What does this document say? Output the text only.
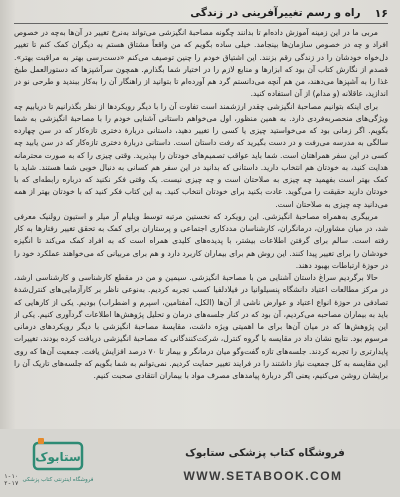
۱۶
راه و رسم تغییرآفرینی در زندگی

مربی ما در این زمینه آموزش داده‌ام تا بدانند چگونه مصاحبهٔ انگیزشی می‌تواند به‌نرخ تغییر در آن‌ها به‌چه در خصوص افراد و چه در خصوص سازمان‌ها بینجامد. خیلی ساده بگویم که من واقعاً مشتاق هستم به دیگران کمک کنم تا تغییر دل‌خواه خودشان را در زندگی رقم بزنند. این اشتیاق خودم را چنین توصیف می‌کنم «دست‌رسی بهتر به مراقبت بهتر». قصدم از نگارش کتاب آن بود که ابزارها و منابع لازم را در اختیار شما بگذارم. همچون سرآشپزها که دستورالعمل طبخ غذا را به آشپزها می‌دهند، من هم آنچه می‌دانستم گرد هم آورده‌ام تا بتوانید از راهنگار آن را به‌کار ببندید و طرحی نو در اندازید، عاقلانه (و مدام) از آن استفاده کنید.

برای اینکه بتوانیم مصاحبهٔ انگیزشی چقدر ارزشمند است تفاوت آن را با دیگر رویکردها از نظر بگذرانیم تا دریابیم چه ویژگی‌های منحصربه‌فردی دارد. به همین منظور، اول می‌خواهم داستانی آشنایی خودم را با مصاحبهٔ انگیزشی به شما بگویم. اگر زمانی بود که می‌خواستید چیزی یا کسی را تغییر دهید، داستانی دربارهٔ دختری تازه‌کار که در سن چهارده سالگی به مدرسه می‌رفت و در دست بگیرید که رفت داستان است. داستانی دربارهٔ دختری تازه‌کار که در سن یابید چه کسی در این سفر همراهتان است. شما باید عواقب تصمیم‌های خودتان را بپذیرید. وقتی چیزی را که به صورت محترمانه هدایت کنید، به خودتان هم انتخاب دارید. داستانی که بدانید در این سفر هم کسانی به دنبال خوبی شما هستند. شاید با کمک بهتر است بفهمید چه چیزی به صلاحتان است و چه چیزی نیست. یک وقتی فکر نکنید که درباره رابطه‌ای که با خودتان دارید حقیقت را می‌گوید. عادت بکنید برای خودتان انتخاب کنید. به این کتاب فکر کنید که با خودتان بهتر از همه می‌دانید چه چیزی به صلاحتان است.

مربیگری به‌همراه مصاحبهٔ انگیزشی. این رویکرد که نخستین مرتبه توسط ویلیام آر میلر و استیون رولنیک معرفی شد، در میان مشاوران، درمانگران، کارشناسان مددکاری اجتماعی و پرستاران برای کمک به تحقق تغییر رفتارها به کار رفته است. سالم برای گرفتن اطلاعات بیشتر، با پدیده‌های کلیدی همراه است که به افراد کمک می‌کند تا انگیزه خودشان را برای تغییر پیدا کنند. این روش هم برای بیماران کاربرد دارد و هم برای مربیانی که می‌خواهند عملکرد خود را در حوزهٔ ارتباطات بهبود دهند.

حالا برگردیم سراغ داستان آشنایی من با مصاحبهٔ انگیزشی. سیمین و من در مقطع کارشناسی و کارشناسی ارشد، در مرکز مطالعات اعتیاد دانشگاه پنسیلوانیا در فیلادلفیا کسب تجربه کردیم. به‌نوعی ناظر بر کارآزمایی‌های کنترل‌شدهٔ تصادفی در حوزهٔ انواع اعتیاد و عوارض ناشی از آن‌ها (الکل، آمفتامین، اسپرم و اضطراب) بودیم. یکی از کارهایی که باید به بیماران مصاحبه می‌کردیم، آن بود که در کنار جلسه‌های درمان و تحلیل پژوهش‌ها اطلاعات گردآوری کنیم. یکی از این پژوهش‌ها که در میان آن‌ها برای ما اهمیتی ویژه داشت، مقایسهٔ مصاحبهٔ انگیزشی با دیگر رویکردهای درمانی مرسوم بود. نتایج نشان داد در مقایسه با گروه کنترل، شرکت‌کنندگانی که مصاحبهٔ انگیزشی دریافت کرده بودند، تغییرات پایدارتری را تجربه کردند. جلسه‌های تازه گفت‌وگو میان درمانگر و بیمار تا ۷۰ درصد افزایش یافت. جمعیت آن‌ها که روی این مقایسه به کل جمعیت نیاز داشتند را در فرایند تغییر حمایت کردیم. نمی‌توانم به شما بگویم که جلسه‌های تاریک آن را برایشان روشن می‌کنیم، یعنی اگر دربارهٔ پیامدهای مصرف مواد با بیماران انتقادی صحبت کنیم.

ستابوک
فروشگاه اینترنتی کتاب پزشکی
۱-۱۰
۲-۱۷
فروشگاه کتاب پزشکی ستابوک
WWW.SETABOOK.COM
